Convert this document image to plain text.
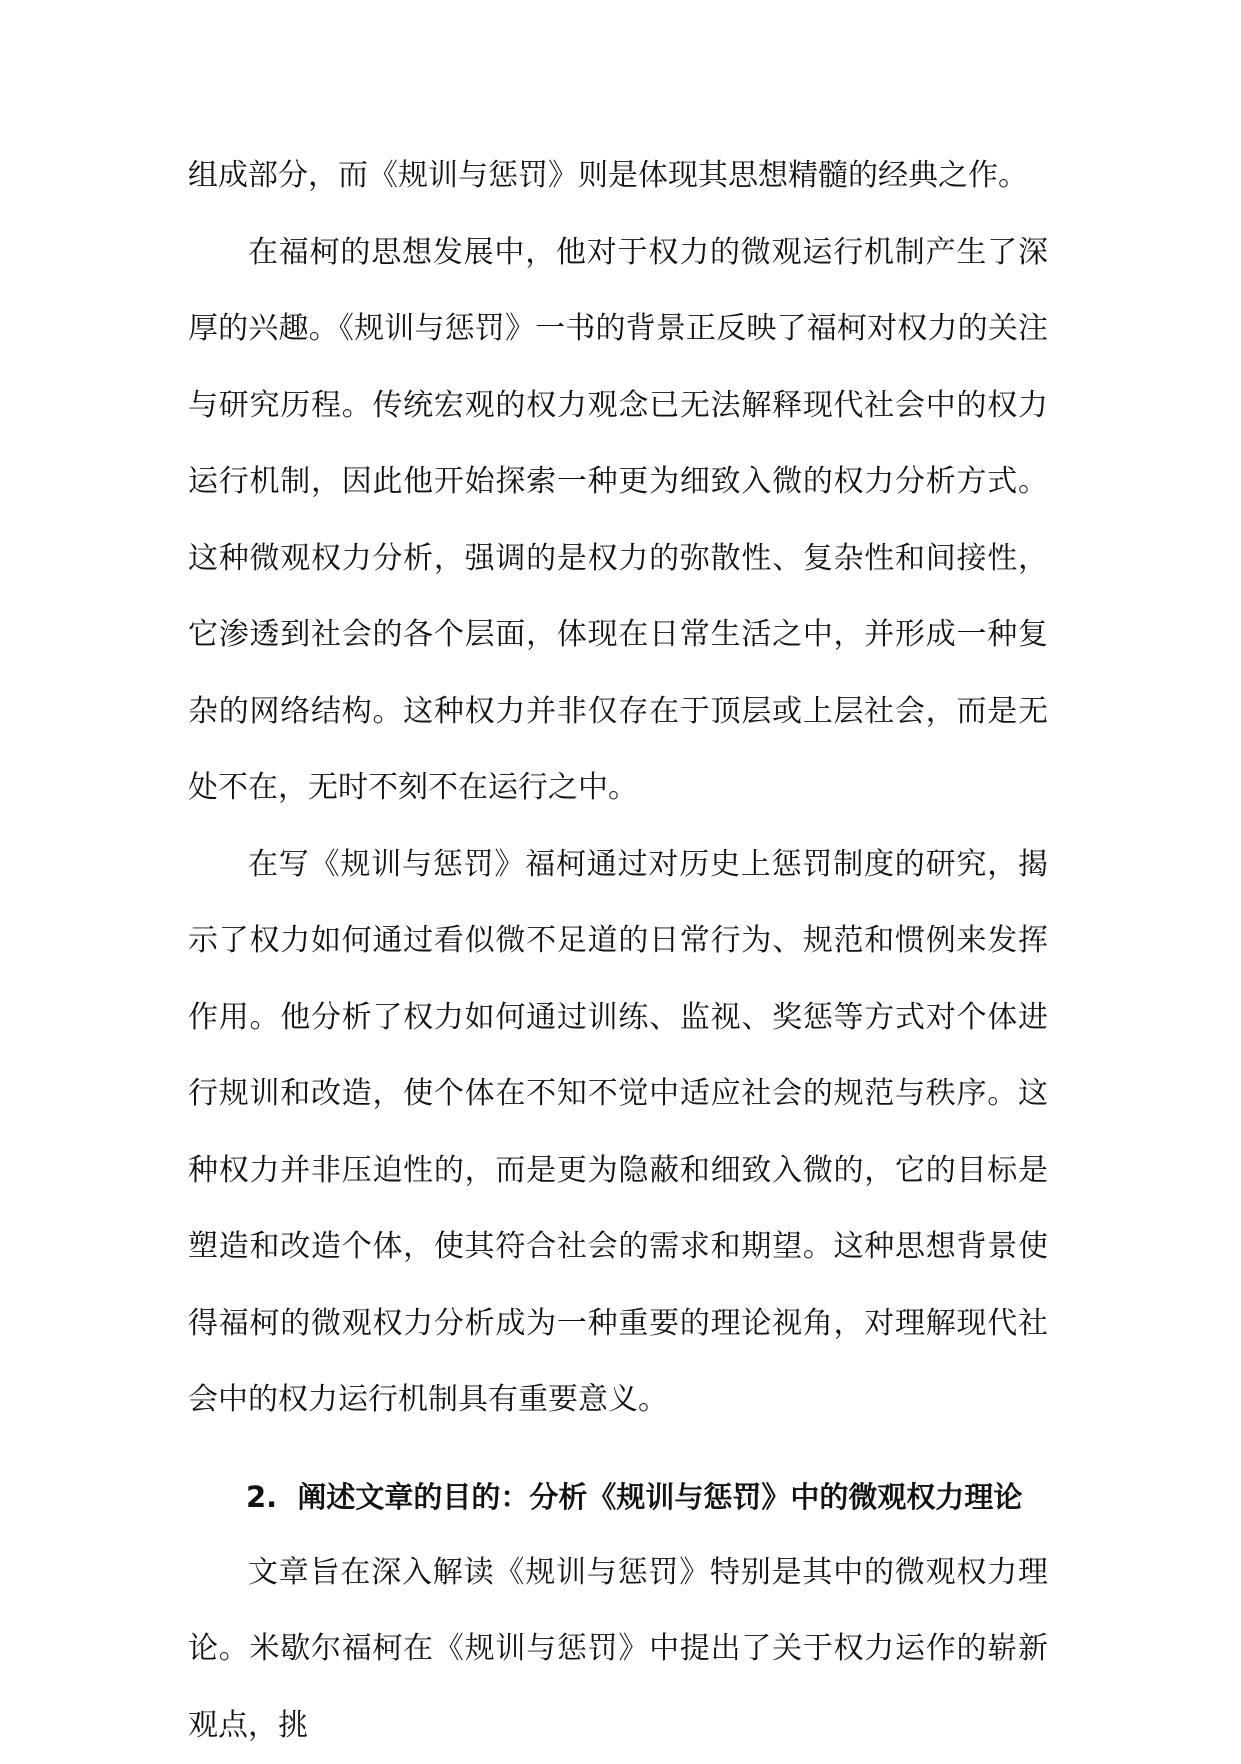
组成部分，而《规训与惩罚》则是体现其思想精髓的经典之作。

在福柯的思想发展中，他对于权力的微观运行机制产生了深厚的兴趣。《规训与惩罚》一书的背景正反映了福柯对权力的关注与研究历程。传统宏观的权力观念已无法解释现代社会中的权力运行机制，因此他开始探索一种更为细致入微的权力分析方式。这种微观权力分析，强调的是权力的弥散性、复杂性和间接性，它渗透到社会的各个层面，体现在日常生活之中，并形成一种复杂的网络结构。这种权力并非仅存在于顶层或上层社会，而是无处不在，无时不刻不在运行之中。

在写《规训与惩罚》福柯通过对历史上惩罚制度的研究，揭示了权力如何通过看似微不足道的日常行为、规范和惯例来发挥作用。他分析了权力如何通过训练、监视、奖惩等方式对个体进行规训和改造，使个体在不知不觉中适应社会的规范与秩序。这种权力并非压迫性的，而是更为隐蔽和细致入微的，它的目标是塑造和改造个体，使其符合社会的需求和期望。这种思想背景使得福柯的微观权力分析成为一种重要的理论视角，对理解现代社会中的权力运行机制具有重要意义。

2. 阐述文章的目的：分析《规训与惩罚》中的微观权力理论

文章旨在深入解读《规训与惩罚》特别是其中的微观权力理论。米歇尔福柯在《规训与惩罚》中提出了关于权力运作的崭新观点，挑
